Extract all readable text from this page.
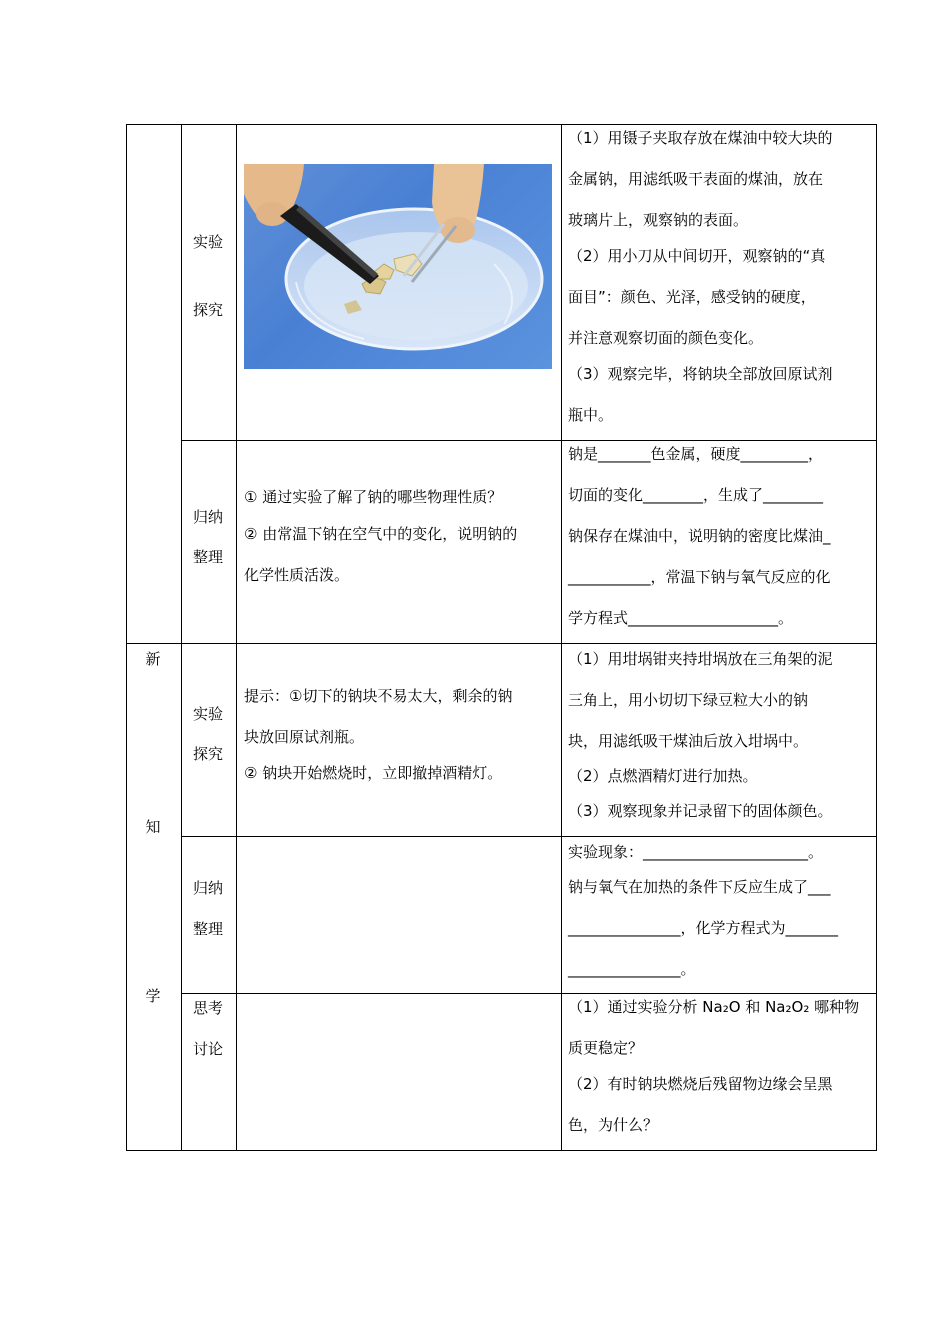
新
知
学
实验
探究
（1）用镊子夹取存放在煤油中较大块的
金属钠，用滤纸吸干表面的煤油，放在
玻璃片上，观察钠的表面。
（2）用小刀从中间切开，观察钠的“真
面目”：颜色、光泽，感受钠的硬度，
并注意观察切面的颜色变化。
（3）观察完毕，将钠块全部放回原试剂
瓶中。
归纳
整理
① 通过实验了解了钠的哪些物理性质？
② 由常温下钠在空气中的变化，说明钠的
化学性质活泼。
钠是_______色金属，硬度_________，
切面的变化________，生成了________
钠保存在煤油中，说明钠的密度比煤油_
___________，常温下钠与氧气反应的化
学方程式____________________。
实验
探究
提示：①切下的钠块不易太大，剩余的钠
块放回原试剂瓶。
② 钠块开始燃烧时，立即撤掉酒精灯。
（1）用坩埚钳夹持坩埚放在三角架的泥
三角上，用小切切下绿豆粒大小的钠
块，用滤纸吸干煤油后放入坩埚中。
（2）点燃酒精灯进行加热。
（3）观察现象并记录留下的固体颜色。
归纳
整理
实验现象：______________________。
钠与氧气在加热的条件下反应生成了___
_______________，化学方程式为_______
_______________。
思考
讨论
（1）通过实验分析 Na₂O 和 Na₂O₂ 哪种物
质更稳定？
（2）有时钠块燃烧后残留物边缘会呈黑
色，为什么？
